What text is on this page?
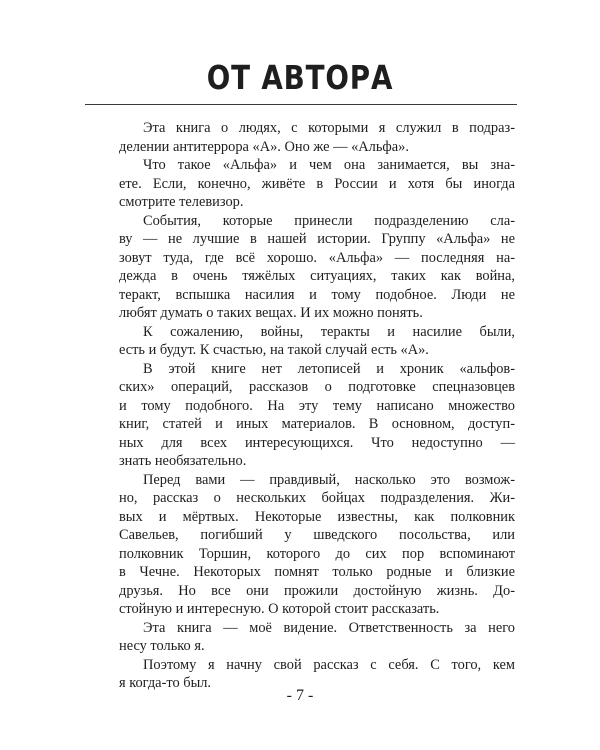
ОТ АВТОРА
Эта книга о людях, с которыми я служил в подраз-
делении антитеррора «А». Оно же — «Альфа».
Что такое «Альфа» и чем она занимается, вы зна-
ете. Если, конечно, живёте в России и хотя бы иногда
смотрите телевизор.
События, которые принесли подразделению сла-
ву — не лучшие в нашей истории. Группу «Альфа» не
зовут туда, где всё хорошо. «Альфа» — последняя на-
дежда в очень тяжёлых ситуациях, таких как война,
теракт, вспышка насилия и тому подобное. Люди не
любят думать о таких вещах. И их можно понять.
К сожалению, войны, теракты и насилие были,
есть и будут. К счастью, на такой случай есть «А».
В этой книге нет летописей и хроник «альфов-
ских» операций, рассказов о подготовке спецназовцев
и тому подобного. На эту тему написано множество
книг, статей и иных материалов. В основном, доступ-
ных для всех интересующихся. Что недоступно —
знать необязательно.
Перед вами — правдивый, насколько это возмож-
но, рассказ о нескольких бойцах подразделения. Жи-
вых и мёртвых. Некоторые известны, как полковник
Савельев, погибший у шведского посольства, или
полковник Торшин, которого до сих пор вспоминают
в Чечне. Некоторых помнят только родные и близкие
друзья. Но все они прожили достойную жизнь. До-
стойную и интересную. О которой стоит рассказать.
Эта книга — моё видение. Ответственность за него
несу только я.
Поэтому я начну свой рассказ с себя. С того, кем
я когда-то был.
- 7 -
